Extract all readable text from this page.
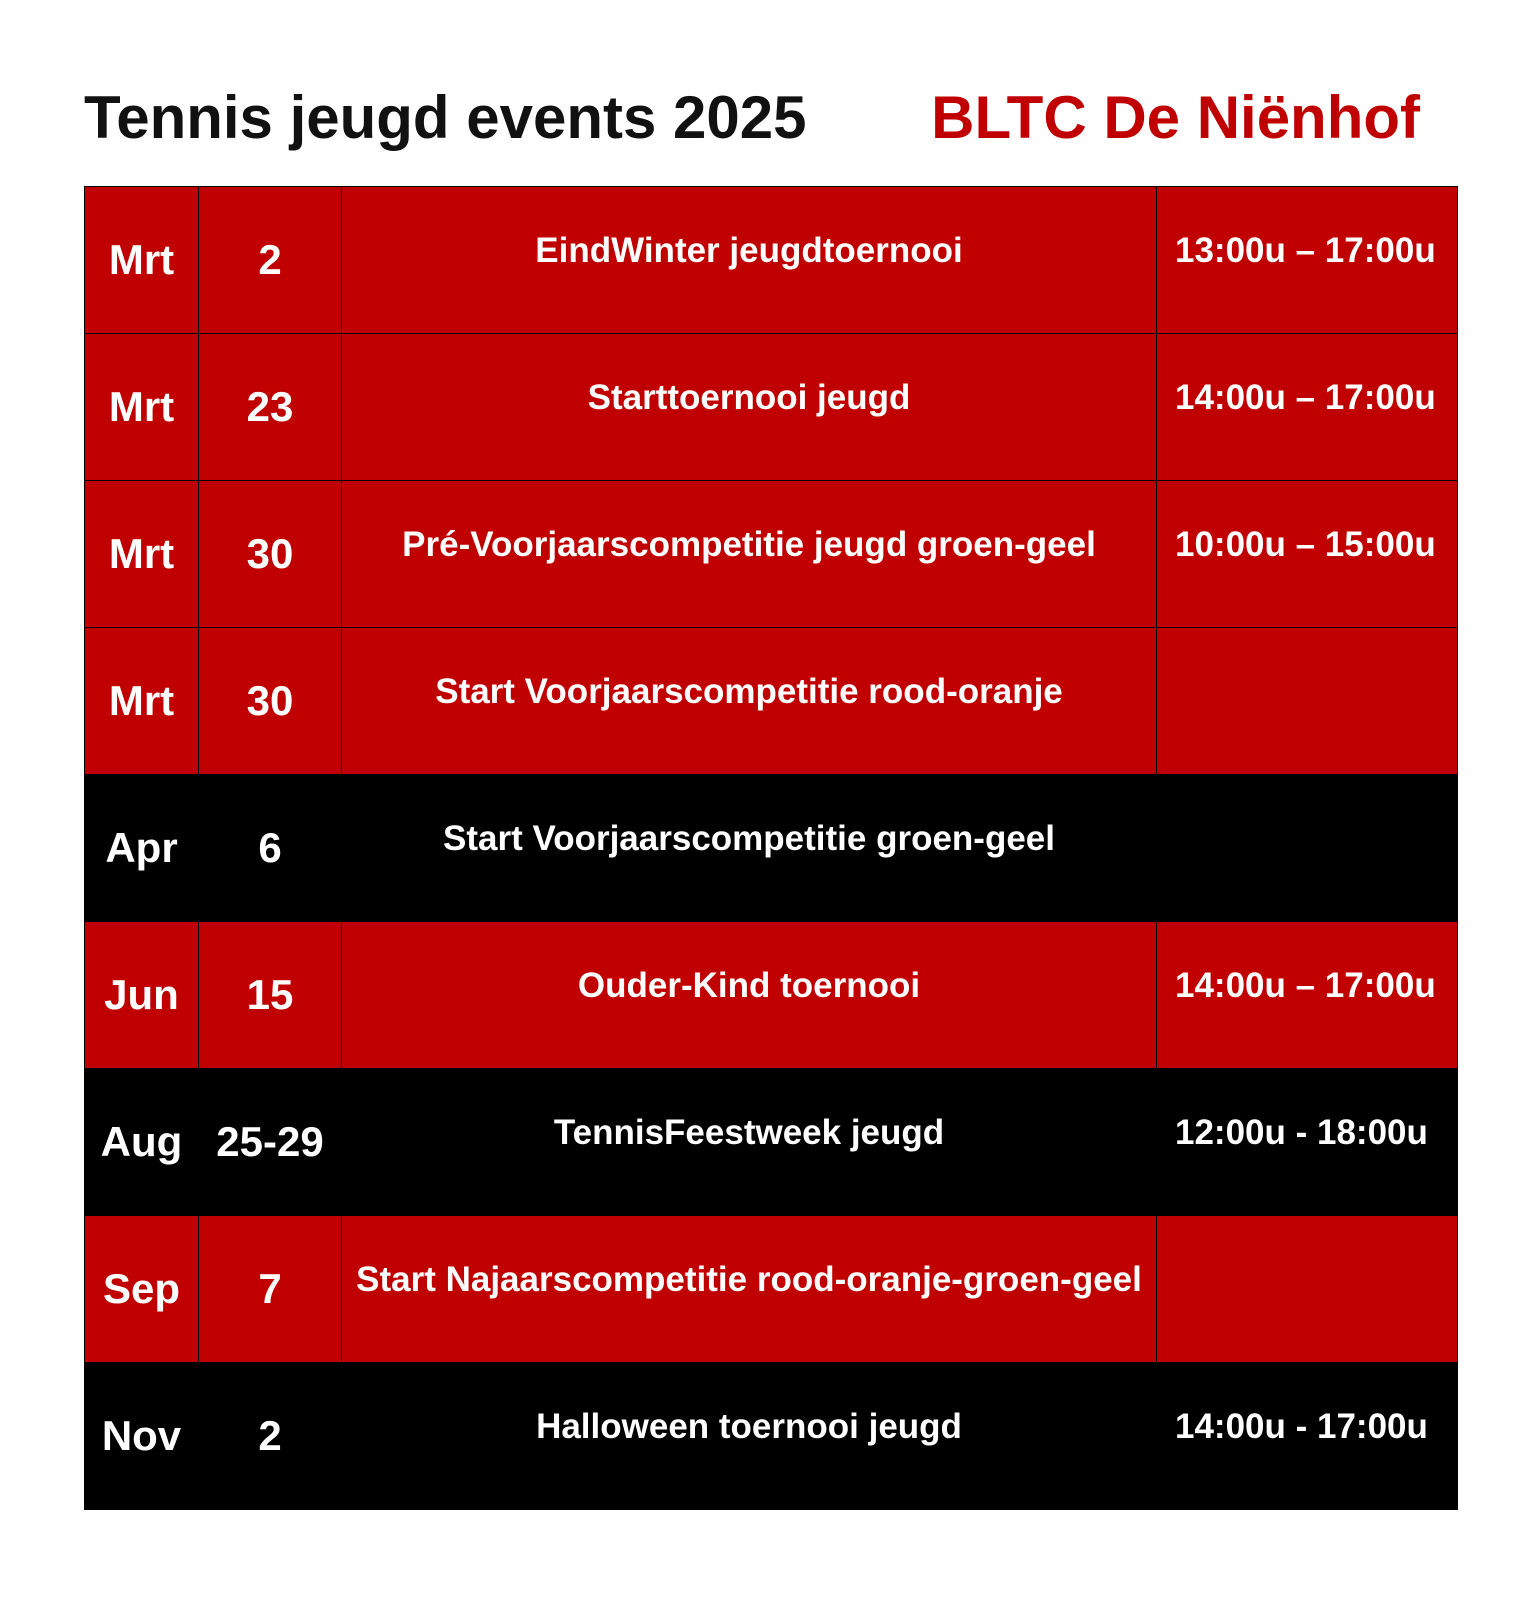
Tennis jeugd events 2025 BLTC De Niënhof
Mrt	2	EindWinter jeugdtoernooi	13:00u – 17:00u
Mrt	23	Starttoernooi jeugd	14:00u – 17:00u
Mrt	30	Pré-Voorjaarscompetitie jeugd groen-geel	10:00u – 15:00u
Mrt	30	Start Voorjaarscompetitie rood-oranje
Apr	6	Start Voorjaarscompetitie groen-geel
Jun	15	Ouder-Kind toernooi	14:00u – 17:00u
Aug 25-29	TennisFeestweek jeugd	12:00u - 18:00u
Sep	7	Start Najaarscompetitie rood-oranje-groen-geel
Nov	2	Halloween toernooi jeugd	14:00u - 17:00u
